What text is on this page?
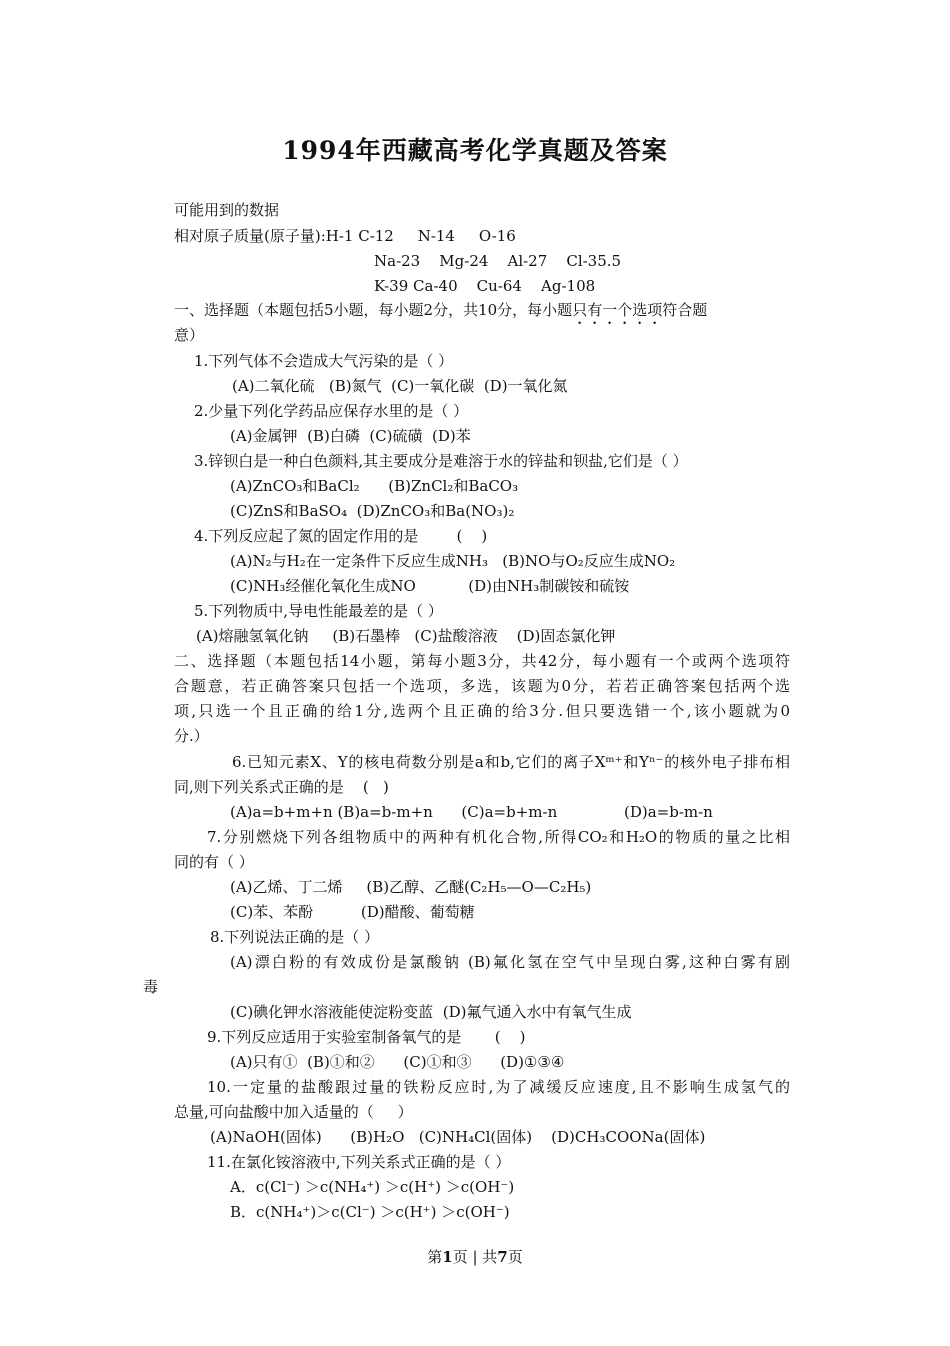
1994年西藏高考化学真题及答案
可能用到的数据
相对原子质量(原子量):H-1 C-12     N-14     O-16
Na-23    Mg-24    Al-27    Cl-35.5
K-39 Ca-40    Cu-64    Ag-108
一、选择题（本题包括5小题，每小题2分，共10分，每小题只有一个选项符合题
意）
1.下列气体不会造成大气污染的是（ ）
(A)二氧化硫   (B)氮气  (C)一氧化碳  (D)一氧化氮
2.少量下列化学药品应保存水里的是（ ）
(A)金属钾  (B)白磷  (C)硫磺  (D)苯
3.锌钡白是一种白色颜料,其主要成分是难溶于水的锌盐和钡盐,它们是（ ）
(A)ZnCO₃和BaCl₂      (B)ZnCl₂和BaCO₃
(C)ZnS和BaSO₄  (D)ZnCO₃和Ba(NO₃)₂
4.下列反应起了氮的固定作用的是        (    )
(A)N₂与H₂在一定条件下反应生成NH₃   (B)NO与O₂反应生成NO₂
(C)NH₃经催化氧化生成NO           (D)由NH₃制碳铵和硫铵
5.下列物质中,导电性能最差的是（ ）
(A)熔融氢氧化钠     (B)石墨棒   (C)盐酸溶液    (D)固态氯化钾
二、选择题（本题包括14小题，第每小题3分，共42分，每小题有一个或两个选项符
合题意，若正确答案只包括一个选项，多选，该题为0分，若若正确答案包括两个选
项,只选一个且正确的给1分,选两个且正确的给3分.但只要选错一个,该小题就为0
分.）
6.已知元素X、Y的核电荷数分别是a和b,它们的离子Xᵐ⁺和Yⁿ⁻的核外电子排布相
同,则下列关系式正确的是    (   )
(A)a=b+m+n (B)a=b-m+n      (C)a=b+m-n              (D)a=b-m-n
7.分别燃烧下列各组物质中的两种有机化合物,所得CO₂和H₂O的物质的量之比相
同的有（ ）
(A)乙烯、丁二烯     (B)乙醇、乙醚(C₂H₅—O—C₂H₅)
(C)苯、苯酚          (D)醋酸、葡萄糖
8.下列说法正确的是（ ）
(A)漂白粉的有效成份是氯酸钠 (B)氟化氢在空气中呈现白雾,这种白雾有剧
毒
(C)碘化钾水溶液能使淀粉变蓝  (D)氟气通入水中有氧气生成
9.下列反应适用于实验室制备氧气的是       (    )
(A)只有①  (B)①和②      (C)①和③      (D)①③④
10.一定量的盐酸跟过量的铁粉反应时,为了减缓反应速度,且不影响生成氢气的
总量,可向盐酸中加入适量的（     ）
(A)NaOH(固体)      (B)H₂O   (C)NH₄Cl(固体)    (D)CH₃COONa(固体)
11.在氯化铵溶液中,下列关系式正确的是（ ）
A．c(Cl⁻) ＞c(NH₄⁺) ＞c(H⁺) ＞c(OH⁻)
B．c(NH₄⁺)＞c(Cl⁻) ＞c(H⁺) ＞c(OH⁻)
第1页 | 共7页
